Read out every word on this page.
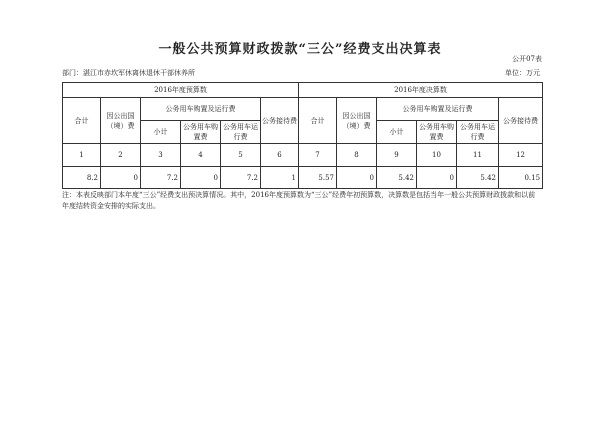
一般公共预算财政拨款“三公”经费支出决算表
公开07表
部门：湛江市赤坎军休离休退休干部休养所	单位：万元
2016年度预算数						2016年度决算数					
合计	因公出国（境）费	公务用车购置及运行费			公务接待费	合计	因公出国（境）费	公务用车购置及运行费			公务接待费
		小计	公务用车购置费	公务用车运行费				小计	公务用车购置费	公务用车运行费	
1	2	3	4	5	6	7	8	9	10	11	12
8.2	0	7.2	0	7.2	1	5.57	0	5.42	0	5.42	0.15
注：本表反映部门本年度“三公”经费支出预决算情况。其中，2016年度预算数为“三公”经费年初预算数，决算数是包括当年一般公共预算财政拨款和以前年度结转资金安排的实际支出。
